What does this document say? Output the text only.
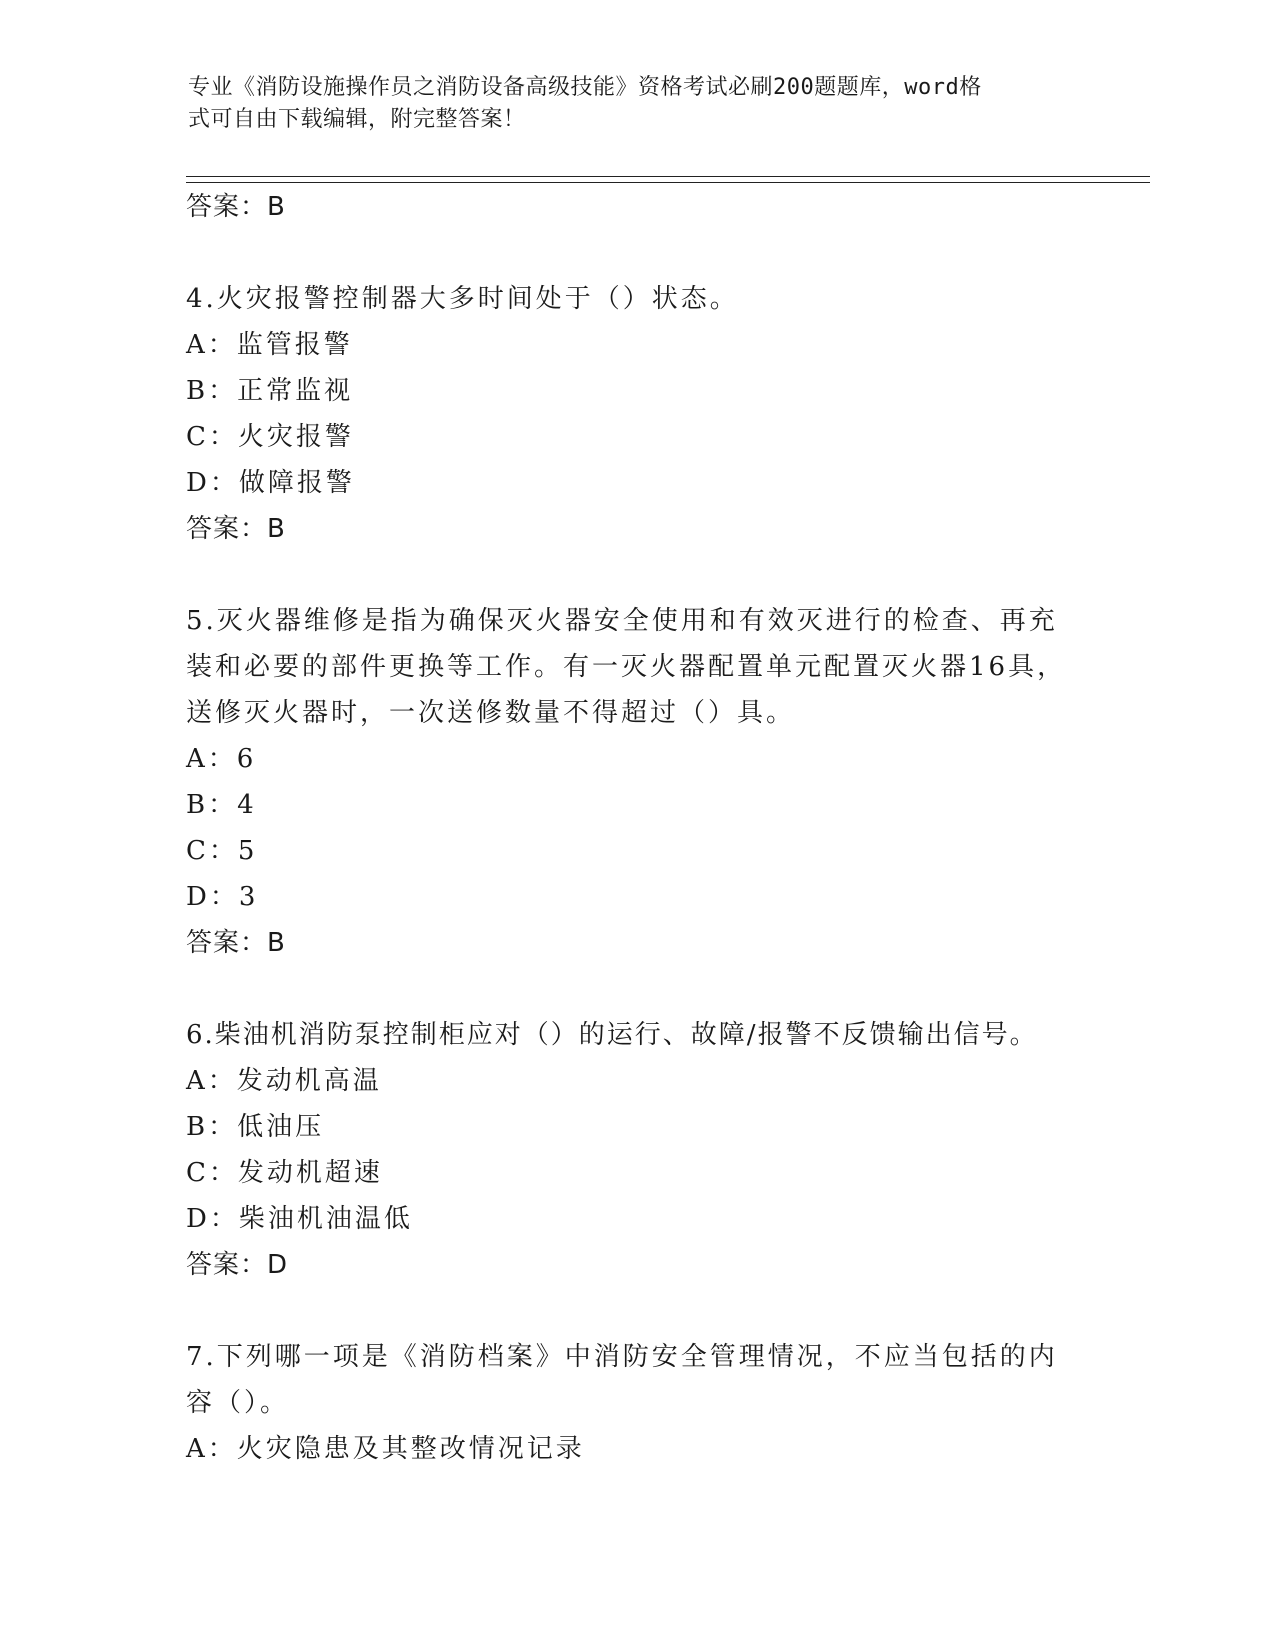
专业《消防设施操作员之消防设备高级技能》资格考试必刷200题题库，word格
式可自由下载编辑，附完整答案！
答案：B
4.火灾报警控制器大多时间处于（）状态。
A：监管报警
B：正常监视
C：火灾报警
D：做障报警
答案：B
5.灭火器维修是指为确保灭火器安全使用和有效灭进行的检查、再充
装和必要的部件更换等工作。有一灭火器配置单元配置灭火器16具，
送修灭火器时，一次送修数量不得超过（）具。
A：6
B：4
C：5
D：3
答案：B
6.柴油机消防泵控制柜应对（）的运行、故障/报警不反馈输出信号。
A：发动机高温
B：低油压
C：发动机超速
D：柴油机油温低
答案：D
7.下列哪一项是《消防档案》中消防安全管理情况，不应当包括的内
容（）。
A：火灾隐患及其整改情况记录
